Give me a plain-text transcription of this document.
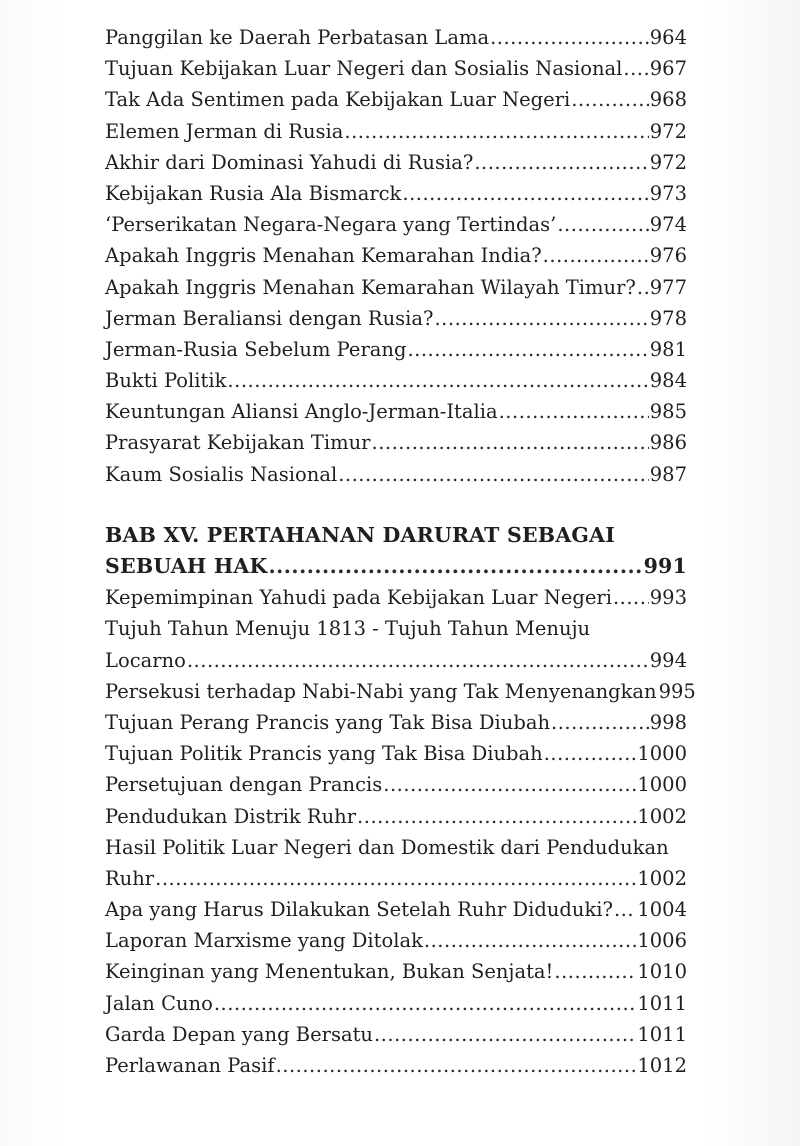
Panggilan ke Daerah Perbatasan Lama .....	964
Tujuan Kebijakan Luar Negeri dan Sosialis Nasional ..... 967
Tak Ada Sentimen pada Kebijakan Luar Negeri .....	968
Elemen Jerman di Rusia .....	972
Akhir dari Dominasi Yahudi di Rusia? .....	972
Kebijakan Rusia Ala Bismarck .....	973
‘Perserikatan Negara-Negara yang Tertindas’ .....	974
Apakah Inggris Menahan Kemarahan India? .....	976
Apakah Inggris Menahan Kemarahan Wilayah Timur? ..... 977
Jerman Beraliansi dengan Rusia? .....	978
Jerman-Rusia Sebelum Perang .....	981
Bukti Politik .....	984
Keuntungan Aliansi Anglo-Jerman-Italia .....	985
Prasyarat Kebijakan Timur .....	986
Kaum Sosialis Nasional .....	987
BAB XV. PERTAHANAN DARURAT SEBAGAI
SEBUAH HAK .....	991
Kepemimpinan Yahudi pada Kebijakan Luar Negeri ..... 993
Tujuh Tahun Menuju 1813 - Tujuh Tahun Menuju
Locarno .....	994
Persekusi terhadap Nabi-Nabi yang Tak Menyenangkan 995
Tujuan Perang Prancis yang Tak Bisa Diubah .....	998
Tujuan Politik Prancis yang Tak Bisa Diubah .....	1000
Persetujuan dengan Prancis .....	1000
Pendudukan Distrik Ruhr .....	1002
Hasil Politik Luar Negeri dan Domestik dari Pendudukan
Ruhr .....	1002
Apa yang Harus Dilakukan Setelah Ruhr Diduduki? ..... 1004
Laporan Marxisme yang Ditolak .....	1006
Keinginan yang Menentukan, Bukan Senjata! .....	1010
Jalan Cuno .....	1011
Garda Depan yang Bersatu .....	1011
Perlawanan Pasif .....	1012
